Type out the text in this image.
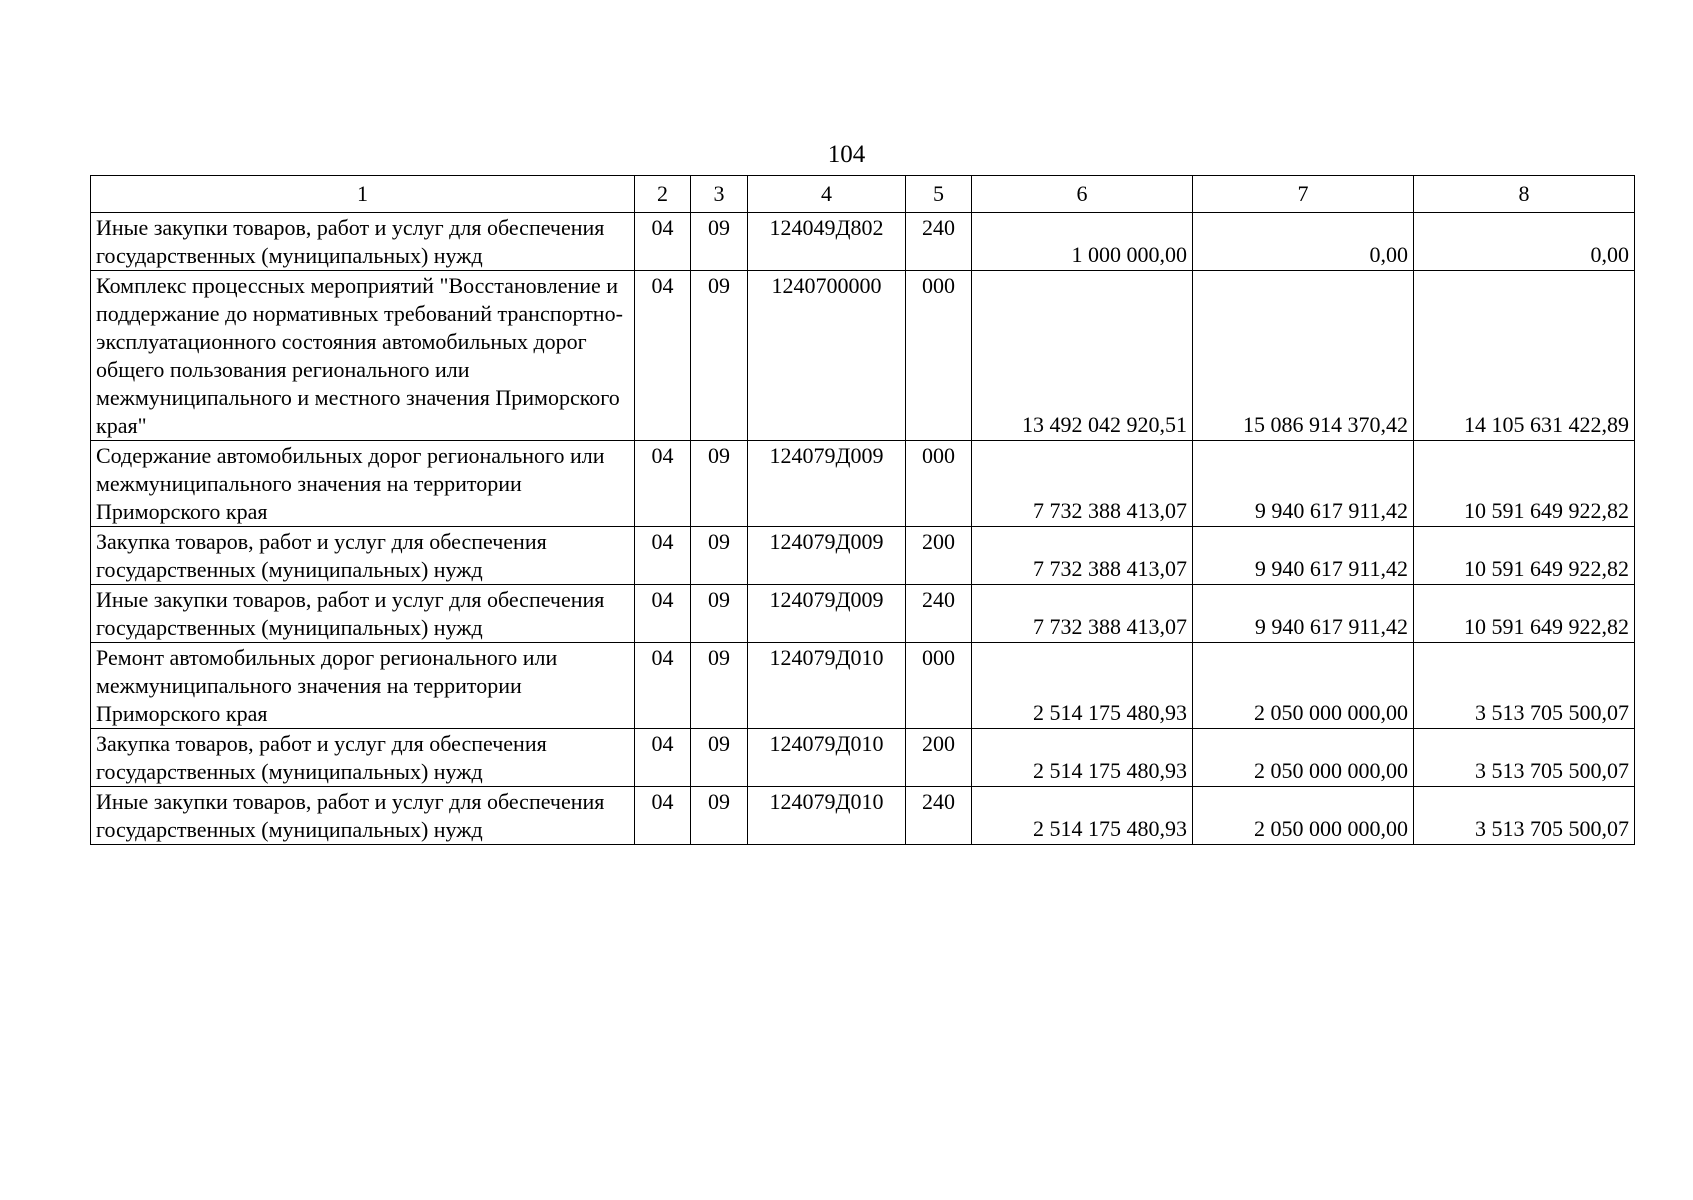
104
1	2	3	4	5	6	7	8
Иные закупки товаров, работ и услуг для обеспечения государственных (муниципальных) нужд	04	09	124049Д802	240	1 000 000,00	0,00	0,00
Комплекс процессных мероприятий "Восстановление и поддержание до нормативных требований транспортно-эксплуатационного состояния автомобильных дорог общего пользования регионального или межмуниципального и местного значения Приморского края"	04	09	1240700000	000	13 492 042 920,51	15 086 914 370,42	14 105 631 422,89
Содержание автомобильных дорог регионального или межмуниципального значения на территории Приморского края	04	09	124079Д009	000	7 732 388 413,07	9 940 617 911,42	10 591 649 922,82
Закупка товаров, работ и услуг для обеспечения государственных (муниципальных) нужд	04	09	124079Д009	200	7 732 388 413,07	9 940 617 911,42	10 591 649 922,82
Иные закупки товаров, работ и услуг для обеспечения государственных (муниципальных) нужд	04	09	124079Д009	240	7 732 388 413,07	9 940 617 911,42	10 591 649 922,82
Ремонт автомобильных дорог регионального или межмуниципального значения на территории Приморского края	04	09	124079Д010	000	2 514 175 480,93	2 050 000 000,00	3 513 705 500,07
Закупка товаров, работ и услуг для обеспечения государственных (муниципальных) нужд	04	09	124079Д010	200	2 514 175 480,93	2 050 000 000,00	3 513 705 500,07
Иные закупки товаров, работ и услуг для обеспечения государственных (муниципальных) нужд	04	09	124079Д010	240	2 514 175 480,93	2 050 000 000,00	3 513 705 500,07
